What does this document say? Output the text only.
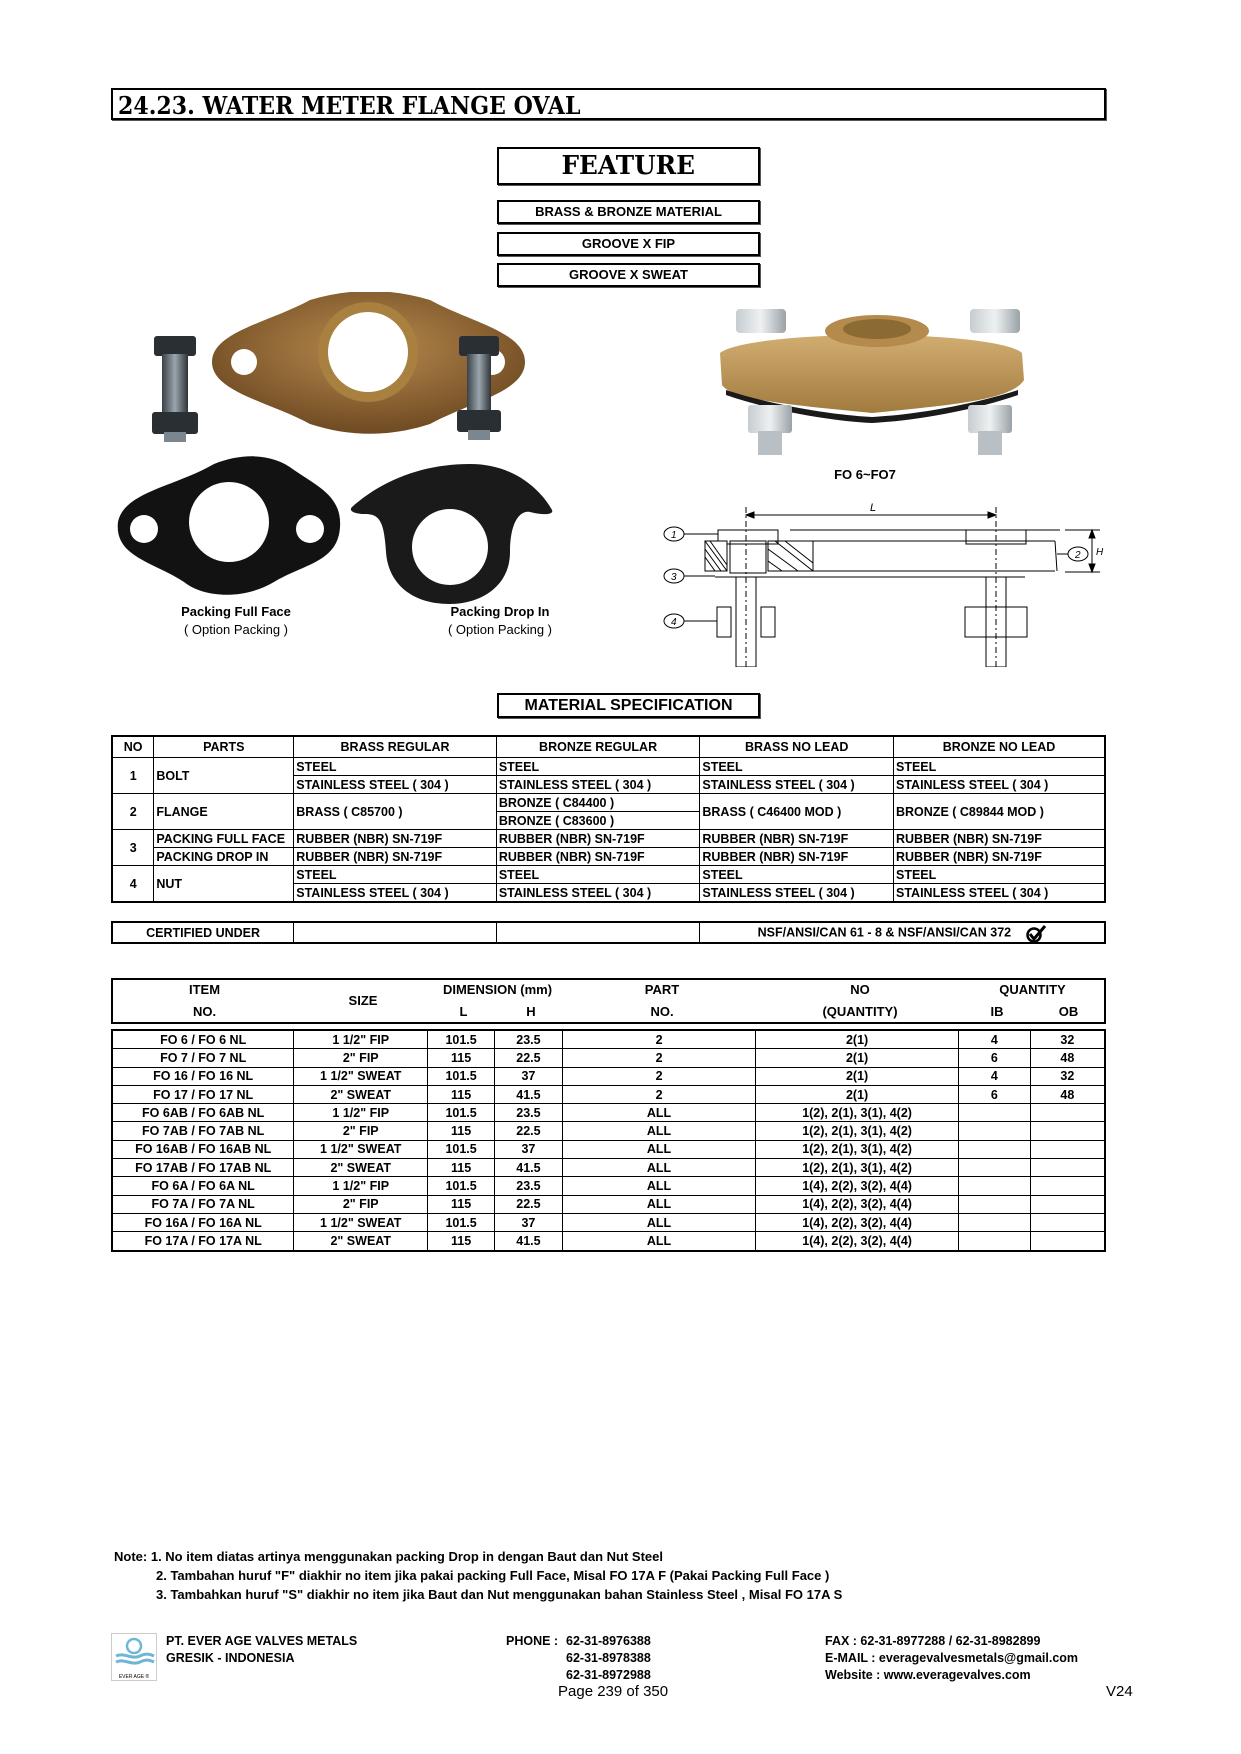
24.23. WATER METER FLANGE OVAL
FEATURE
BRASS & BRONZE MATERIAL
GROOVE X FIP
GROOVE X SWEAT
Packing Full Face
( Option Packing )
Packing Drop In
( Option Packing )
FO 6~FO7
L
H
1
2
3
4
MATERIAL SPECIFICATION
NO	PARTS	BRASS REGULAR	BRONZE REGULAR	BRASS NO LEAD	BRONZE NO LEAD
1	BOLT	STEEL	STEEL	STEEL	STEEL
		STAINLESS STEEL ( 304 )	STAINLESS STEEL ( 304 )	STAINLESS STEEL ( 304 )	STAINLESS STEEL ( 304 )
2	FLANGE	BRASS ( C85700 )	BRONZE ( C84400 )	BRASS ( C46400 MOD )	BRONZE ( C89844 MOD )
			BRONZE ( C83600 )		
3	PACKING FULL FACE	RUBBER (NBR) SN-719F	RUBBER (NBR) SN-719F	RUBBER (NBR) SN-719F	RUBBER (NBR) SN-719F
	PACKING DROP IN	RUBBER (NBR) SN-719F	RUBBER (NBR) SN-719F	RUBBER (NBR) SN-719F	RUBBER (NBR) SN-719F
4	NUT	STEEL	STEEL	STEEL	STEEL
		STAINLESS STEEL ( 304 )	STAINLESS STEEL ( 304 )	STAINLESS STEEL ( 304 )	STAINLESS STEEL ( 304 )
CERTIFIED UNDER			NSF/ANSI/CAN 61 - 8 & NSF/ANSI/CAN 372
ITEM
NO.
SIZE
DIMENSION (mm)
L	H
PART
NO.
NO
(QUANTITY)
QUANTITY
IB	OB
FO 6 / FO 6 NL	1 1/2" FIP	101.5	23.5	2	2(1)	4	32
FO 7 / FO 7 NL	2" FIP	115	22.5	2	2(1)	6	48
FO 16 / FO 16 NL	1 1/2" SWEAT	101.5	37	2	2(1)	4	32
FO 17 / FO 17 NL	2" SWEAT	115	41.5	2	2(1)	6	48
FO 6AB / FO 6AB NL	1 1/2" FIP	101.5	23.5	ALL	1(2), 2(1), 3(1), 4(2)		
FO 7AB / FO 7AB NL	2" FIP	115	22.5	ALL	1(2), 2(1), 3(1), 4(2)		
FO 16AB / FO 16AB NL	1 1/2" SWEAT	101.5	37	ALL	1(2), 2(1), 3(1), 4(2)		
FO 17AB / FO 17AB NL	2" SWEAT	115	41.5	ALL	1(2), 2(1), 3(1), 4(2)		
FO 6A / FO 6A NL	1 1/2" FIP	101.5	23.5	ALL	1(4), 2(2), 3(2), 4(4)		
FO 7A / FO 7A NL	2" FIP	115	22.5	ALL	1(4), 2(2), 3(2), 4(4)		
FO 16A / FO 16A NL	1 1/2" SWEAT	101.5	37	ALL	1(4), 2(2), 3(2), 4(4)		
FO 17A / FO 17A NL	2" SWEAT	115	41.5	ALL	1(4), 2(2), 3(2), 4(4)		
Note: 1. No item diatas artinya menggunakan packing Drop in dengan Baut dan Nut Steel
2. Tambahan huruf "F" diakhir no item jika pakai packing Full Face, Misal FO 17A F (Pakai Packing Full Face )
3. Tambahkan huruf "S" diakhir no item jika Baut dan Nut menggunakan bahan Stainless Steel , Misal FO 17A S
EVER AGE ®
PT. EVER AGE VALVES METALS
GRESIK - INDONESIA
PHONE : 62-31-8976388
62-31-8978388
62-31-8972988
FAX : 62-31-8977288 / 62-31-8982899
E-MAIL : everagevalvesmetals@gmail.com
Website : www.everagevalves.com
Page 239 of 350	V24
